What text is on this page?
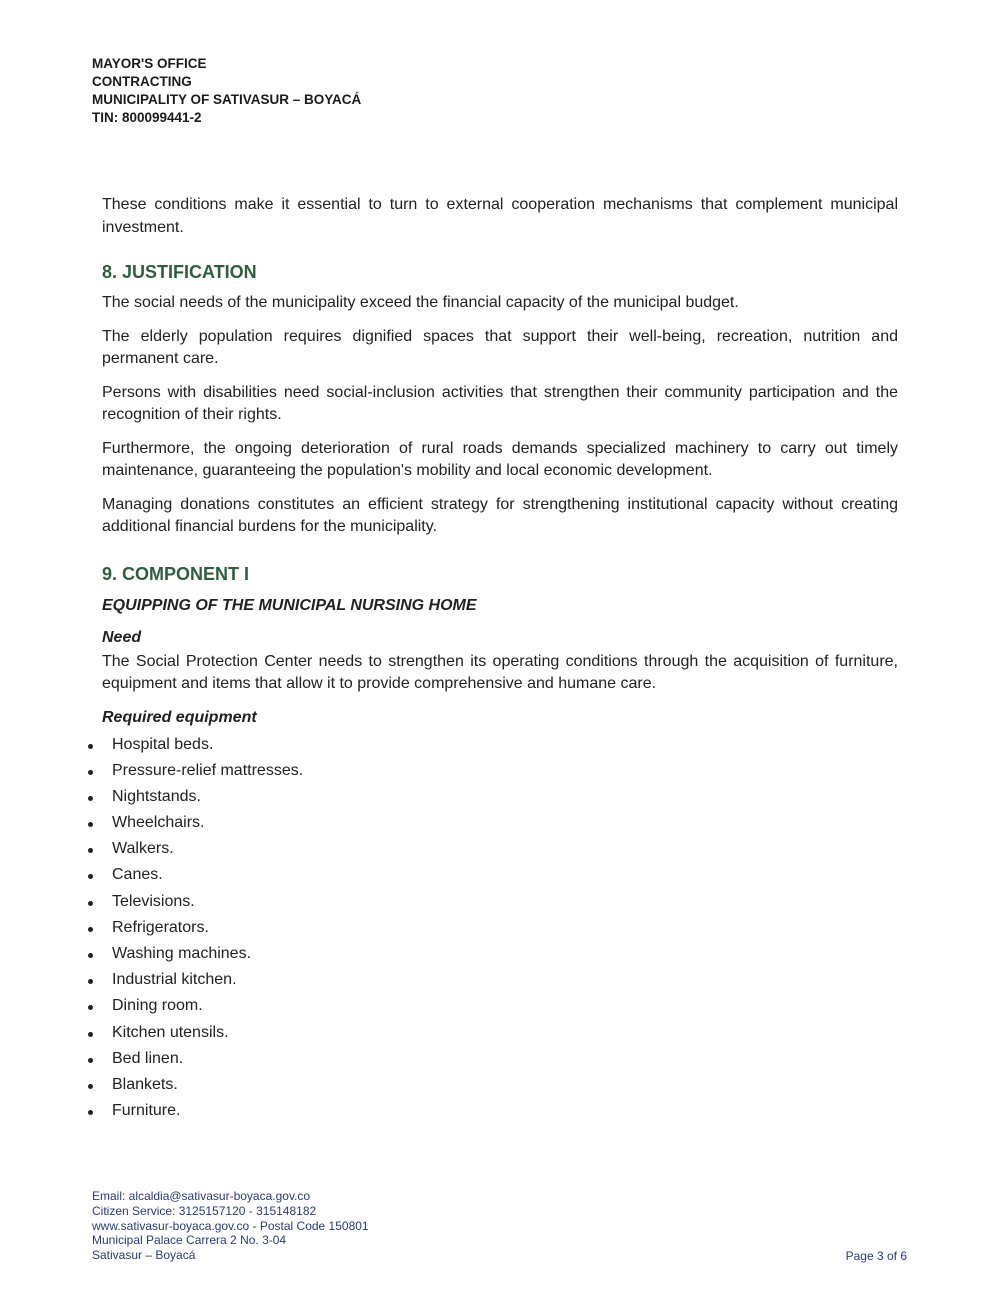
MAYOR'S OFFICE
CONTRACTING
MUNICIPALITY OF SATIVASUR – BOYACÁ
TIN: 800099441-2

These conditions make it essential to turn to external cooperation mechanisms that complement municipal investment.

8. JUSTIFICATION

The social needs of the municipality exceed the financial capacity of the municipal budget.

The elderly population requires dignified spaces that support their well-being, recreation, nutrition and permanent care.

Persons with disabilities need social-inclusion activities that strengthen their community participation and the recognition of their rights.

Furthermore, the ongoing deterioration of rural roads demands specialized machinery to carry out timely maintenance, guaranteeing the population's mobility and local economic development.

Managing donations constitutes an efficient strategy for strengthening institutional capacity without creating additional financial burdens for the municipality.

9. COMPONENT I
EQUIPPING OF THE MUNICIPAL NURSING HOME
Need

The Social Protection Center needs to strengthen its operating conditions through the acquisition of furniture, equipment and items that allow it to provide comprehensive and humane care.

Required equipment
Hospital beds.
Pressure-relief mattresses.
Nightstands.
Wheelchairs.
Walkers.
Canes.
Televisions.
Refrigerators.
Washing machines.
Industrial kitchen.
Dining room.
Kitchen utensils.
Bed linen.
Blankets.
Furniture.
Email: alcaldia@sativasur-boyaca.gov.co
Citizen Service: 3125157120 - 315148182
www.sativasur-boyaca.gov.co - Postal Code 150801
Municipal Palace Carrera 2 No. 3-04
Sativasur – Boyacá	Page 3 of 6
